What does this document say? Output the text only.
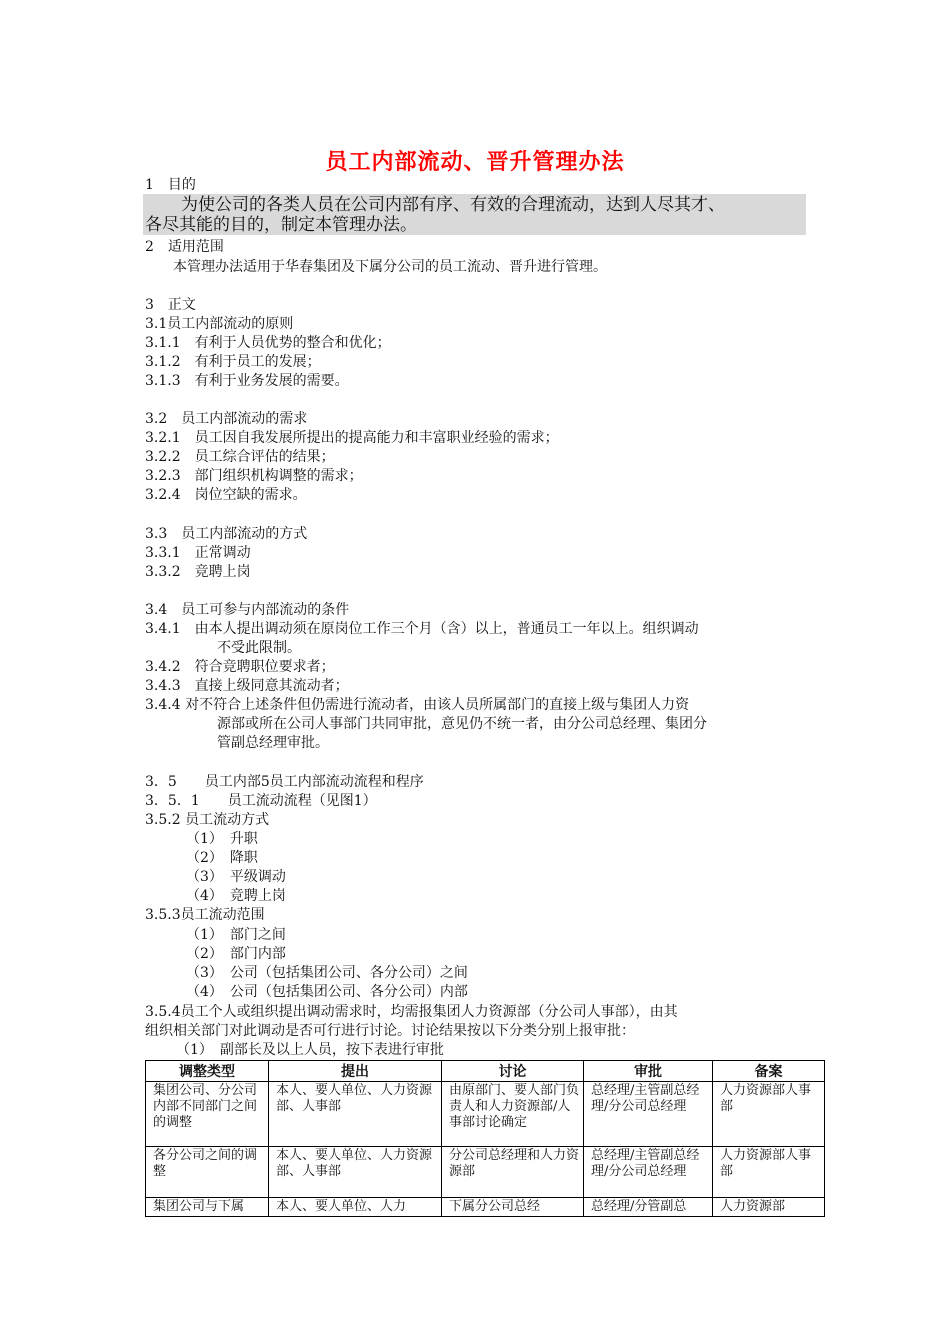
员工内部流动、晋升管理办法
1　目的
为使公司的各类人员在公司内部有序、有效的合理流动，达到人尽其才、
各尽其能的目的，制定本管理办法。
2　适用范围
本管理办法适用于华春集团及下属分公司的员工流动、晋升进行管理。
3　正文
3.1员工内部流动的原则
3.1.1　有利于人员优势的整合和优化；
3.1.2　有利于员工的发展；
3.1.3　有利于业务发展的需要。
3.2　员工内部流动的需求
3.2.1　员工因自我发展所提出的提高能力和丰富职业经验的需求；
3.2.2　员工综合评估的结果；
3.2.3　部门组织机构调整的需求；
3.2.4　岗位空缺的需求。
3.3　员工内部流动的方式
3.3.1　正常调动
3.3.2　竞聘上岗
3.4　员工可参与内部流动的条件
3.4.1　由本人提出调动须在原岗位工作三个月（含）以上，普通员工一年以上。组织调动
不受此限制。
3.4.2　符合竞聘职位要求者；
3.4.3　直接上级同意其流动者；
3.4.4 对不符合上述条件但仍需进行流动者，由该人员所属部门的直接上级与集团人力资
源部或所在公司人事部门共同审批，意见仍不统一者，由分公司总经理、集团分
管副总经理审批。
3．5　　员工内部5员工内部流动流程和程序
3．5．1　　员工流动流程（见图1）
3.5.2 员工流动方式
（1）　升职
（2）　降职
（3）　平级调动
（4）　竞聘上岗
3.5.3员工流动范围
（1）　部门之间
（2）　部门内部
（3）　公司（包括集团公司、各分公司）之间
（4）　公司（包括集团公司、各分公司）内部
3.5.4员工个人或组织提出调动需求时，均需报集团人力资源部（分公司人事部），由其
组织相关部门对此调动是否可行进行讨论。讨论结果按以下分类分别上报审批：
（1）　副部长及以上人员，按下表进行审批
调整类型	提出	讨论	审批	备案
集团公司、分公司内部不同部门之间的调整	本人、要人单位、人力资源部、人事部	由原部门、要人部门负责人和人力资源部/人事部讨论确定	总经理/主管副总经理/分公司总经理	人力资源部人事部
各分公司之间的调整	本人、要人单位、人力资源部、人事部	分公司总经理和人力资源部	总经理/主管副总经理/分公司总经理	人力资源部人事部

集团公司与下属	本人、要人单位、人力	下属分公司总经	总经理/分管副总	人力资源部
